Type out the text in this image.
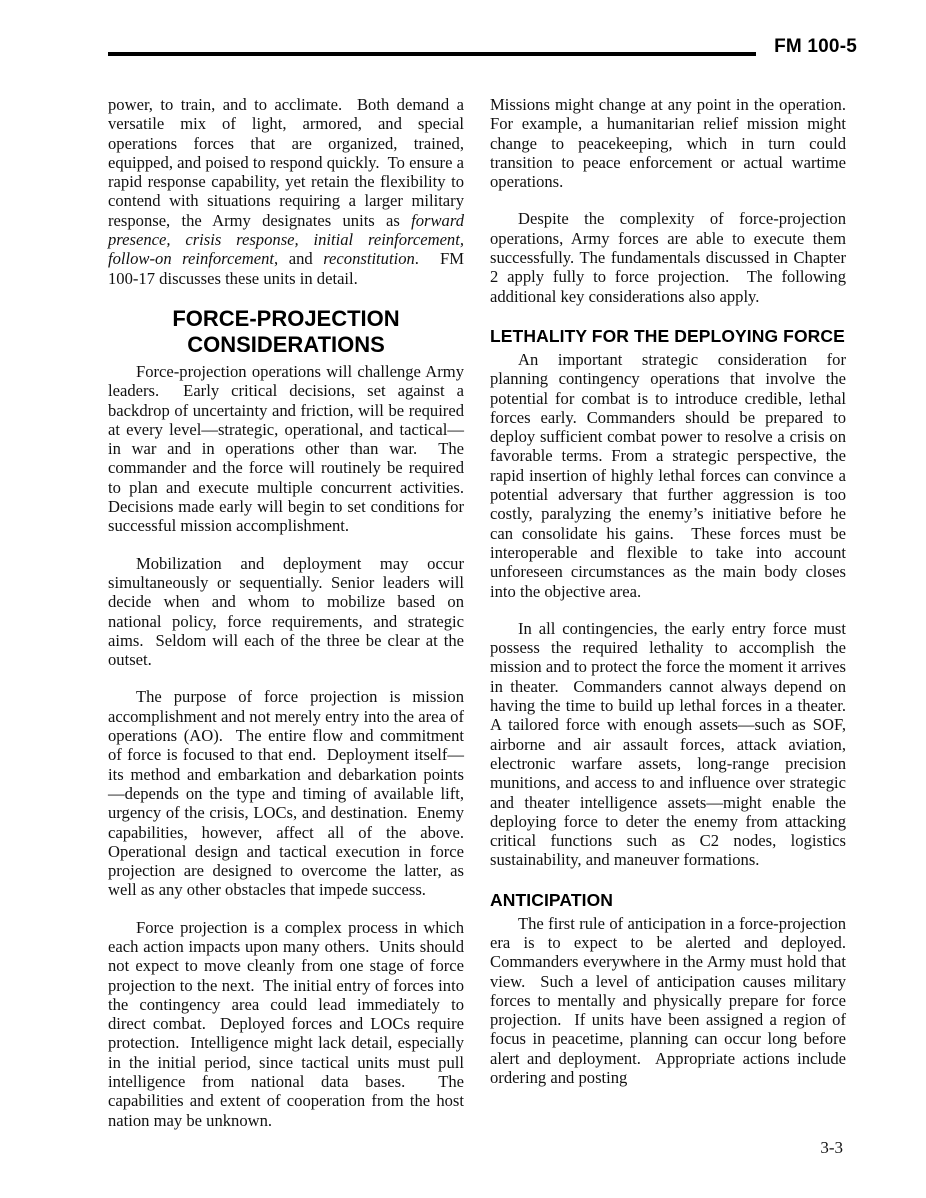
FM 100-5

power, to train, and to acclimate.  Both demand a versatile mix of light, armored, and special operations forces that are organized, trained, equipped, and poised to respond quickly.  To ensure a rapid response capability, yet retain the flexibility to contend with situations requiring a larger military response, the Army designates units as forward presence, crisis response, initial reinforcement, follow-on reinforcement, and reconstitution.  FM 100-17 discusses these units in detail.

FORCE-PROJECTION
CONSIDERATIONS

Force-projection operations will challenge Army leaders.  Early critical decisions, set against a backdrop of uncertainty and friction, will be required at every level—strategic, operational, and tactical—in war and in operations other than war.  The commander and the force will routinely be required to plan and execute multiple concurrent activities. Decisions made early will begin to set conditions for successful mission accomplishment.

Mobilization and deployment may occur simultaneously or sequentially. Senior leaders will decide when and whom to mobilize based on national policy, force requirements, and strategic aims.  Seldom will each of the three be clear at the outset.

The purpose of force projection is mission accomplishment and not merely entry into the area of operations (AO).  The entire flow and commitment of force is focused to that end.  Deployment itself—its method and embarkation and debarkation points—depends on the type and timing of available lift, urgency of the crisis, LOCs, and destination.  Enemy capabilities, however, affect all of the above.  Operational design and tactical execution in force projection are designed to overcome the latter, as well as any other obstacles that impede success.

Force projection is a complex process in which each action impacts upon many others.  Units should not expect to move cleanly from one stage of force projection to the next.  The initial entry of forces into the contingency area could lead immediately to direct combat.  Deployed forces and LOCs require protection.  Intelligence might lack detail, especially in the initial period, since tactical units must pull intelligence from national data bases.  The capabilities and extent of cooperation from the host nation may be unknown.

Missions might change at any point in the operation.  For example, a humanitarian relief mission might change to peacekeeping, which in turn could transition to peace enforcement or actual wartime operations.

Despite the complexity of force-projection operations, Army forces are able to execute them successfully. The fundamentals discussed in Chapter 2 apply fully to force projection.  The following additional key considerations also apply.

LETHALITY FOR THE DEPLOYING FORCE

An important strategic consideration for planning contingency operations that involve the potential for combat is to introduce credible, lethal forces early. Commanders should be prepared to deploy sufficient combat power to resolve a crisis on favorable terms. From a strategic perspective, the rapid insertion of highly lethal forces can convince a potential adversary that further aggression is too costly, paralyzing the enemy’s initiative before he can consolidate his gains.  These forces must be interoperable and flexible to take into account unforeseen circumstances as the main body closes into the objective area.

In all contingencies, the early entry force must possess the required lethality to accomplish the mission and to protect the force the moment it arrives in theater.  Commanders cannot always depend on having the time to build up lethal forces in a theater.  A tailored force with enough assets—such as SOF, airborne and air assault forces, attack aviation, electronic warfare assets, long-range precision munitions, and access to and influence over strategic and theater intelligence assets—might enable the deploying force to deter the enemy from attacking critical functions such as C2 nodes, logistics sustainability, and maneuver formations.

ANTICIPATION

The first rule of anticipation in a force-projection era is to expect to be alerted and deployed.  Commanders everywhere in the Army must hold that view.  Such a level of anticipation causes military forces to mentally and physically prepare for force projection.  If units have been assigned a region of focus in peacetime, planning can occur long before alert and deployment.  Appropriate actions include ordering and posting

3-3
